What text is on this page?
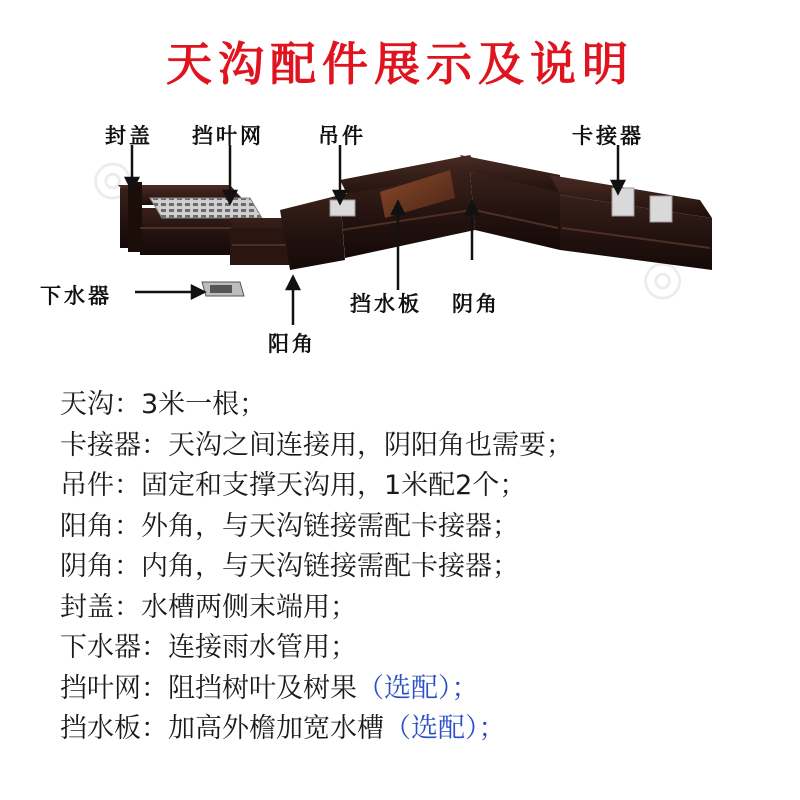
天沟配件展示及说明
◎
◎
封盖 挡叶网	吊件	卡接器
下水器
阳角
挡水板 阴角
天沟：3米一根；
卡接器：天沟之间连接用，阴阳角也需要；
吊件：固定和支撑天沟用，1米配2个；
阳角：外角，与天沟链接需配卡接器；
阴角：内角，与天沟链接需配卡接器；
封盖：水槽两侧末端用；
下水器：连接雨水管用；
挡叶网：阻挡树叶及树果（选配）；
挡水板：加高外檐加宽水槽（选配）；
